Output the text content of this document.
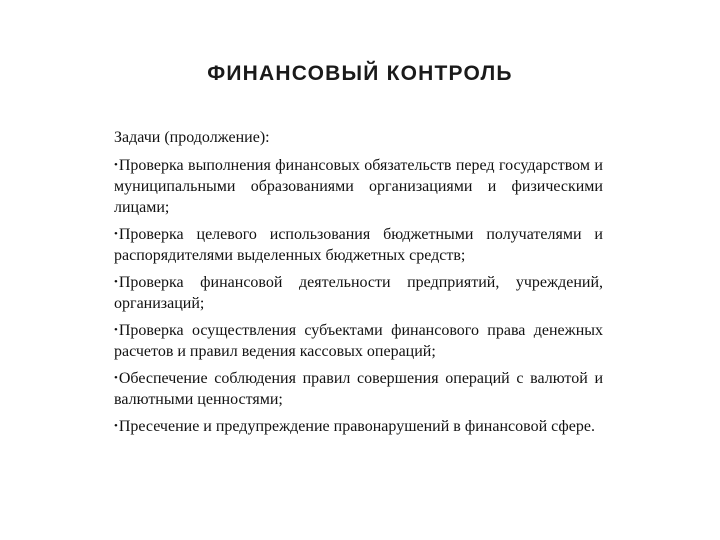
ФИНАНСОВЫЙ КОНТРОЛЬ

Задачи (продолжение):

•Проверка выполнения финансовых обязательств перед государством и муниципальными образованиями организациями и физическими лицами;
•Проверка целевого использования бюджетными получателями и распорядителями выделенных бюджетных средств;
•Проверка финансовой деятельности предприятий, учреждений, организаций;
•Проверка осуществления субъектами финансового права денежных расчетов и правил ведения кассовых операций;
•Обеспечение соблюдения правил совершения операций с валютой и валютными ценностями;
•Пресечение и предупреждение правонарушений в финансовой сфере.
